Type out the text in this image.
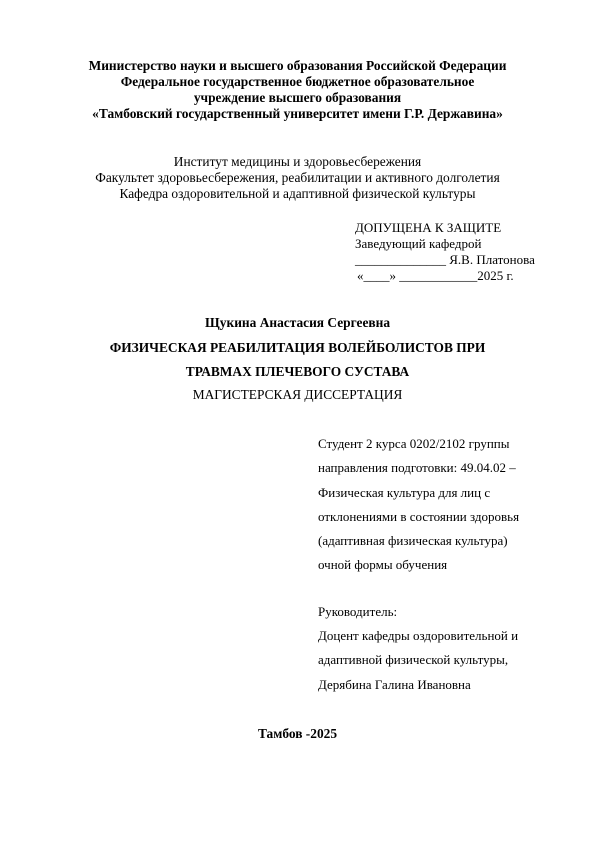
Министерство науки и высшего образования Российской Федерации
Федеральное государственное бюджетное образовательное
учреждение высшего образования
«Тамбовский государственный университет имени Г.Р. Державина»
Институт медицины и здоровьесбережения
Факультет здоровьесбережения, реабилитации и активного долголетия
Кафедра оздоровительной и адаптивной физической культуры
ДОПУЩЕНА К ЗАЩИТЕ
Заведующий кафедрой
______________ Я.В. Платонова
«____» ____________2025 г.
Щукина Анастасия Сергеевна
ФИЗИЧЕСКАЯ РЕАБИЛИТАЦИЯ ВОЛЕЙБОЛИСТОВ ПРИ
ТРАВМАХ ПЛЕЧЕВОГО СУСТАВА
МАГИСТЕРСКАЯ ДИССЕРТАЦИЯ
Студент 2 курса 0202/2102 группы
направления подготовки: 49.04.02 –
Физическая культура для лиц с
отклонениями в состоянии здоровья
(адаптивная физическая культура)
очной формы обучения
Руководитель:
Доцент кафедры оздоровительной и
адаптивной физической культуры,
Дерябина Галина Ивановна
Тамбов -2025
